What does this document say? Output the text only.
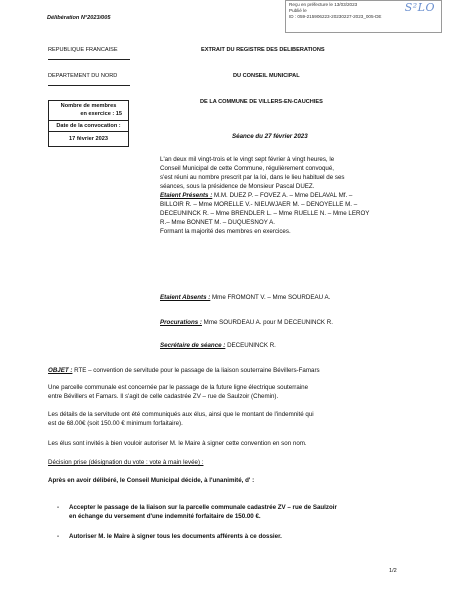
Délibération N°2023/005
Reçu en préfecture le 13/03/2023
Publié le
ID : 059-215906223-20230227-2023_005-DE
S²LO
REPUBLIQUE FRANCAISE
DEPARTEMENT DU NORD
Nombre de membres
en exercice : 15
Date de la convocation :
17 février 2023
EXTRAIT DU REGISTRE DES DELIBERATIONS
DU CONSEIL MUNICIPAL
DE LA COMMUNE DE VILLERS-EN-CAUCHIES
Séance du 27 février 2023
L'an deux mil vingt-trois et le vingt sept février à vingt heures, le
Conseil Municipal de cette Commune, régulièrement convoqué,
s'est réuni au nombre prescrit par la loi, dans le lieu habituel de ses
séances, sous la présidence de Monsieur Pascal DUEZ.
Etaient Présents : M.M. DUEZ P. – FOVEZ A. – Mme DELAVAL Mf. –
BILLOIR R. – Mme MORELLE V.- NIEUWJAER M. – DENOYELLE M. –
DECEUNINCK R. – Mme BRENDLER L. – Mme RUELLE N. – Mme LEROY
R.– Mme BONNET M. – DUQUESNOY A.
Formant la majorité des membres en exercices.
Etaient Absents : Mme FROMONT V. – Mme SOURDEAU A.
Procurations : Mme SOURDEAU A. pour M DECEUNINCK R.
Secrétaire de séance : DECEUNINCK R.
OBJET : RTE – convention de servitude pour le passage de la liaison souterraine Bévillers-Famars
Une parcelle communale est concernée par le passage de la future ligne électrique souterraine
entre Bévillers et Famars. Il s'agit de celle cadastrée ZV – rue de Saulzoir (Chemin).
Les détails de la servitude ont été communiqués aux élus, ainsi que le montant de l'indemnité qui
est de 68.00€ (soit 150.00 € minimum forfaitaire).
Les élus sont invités à bien vouloir autoriser M. le Maire à signer cette convention en son nom.
Décision prise (désignation du vote : vote à main levée) :
Après en avoir délibéré, le Conseil Municipal décide, à l'unanimité, d' :
- Accepter le passage de la liaison sur la parcelle communale cadastrée ZV – rue de Saulzoir
en échange du versement d'une indemnité forfaitaire de 150.00 €.
- Autoriser M. le Maire à signer tous les documents afférents à ce dossier.
1/2
